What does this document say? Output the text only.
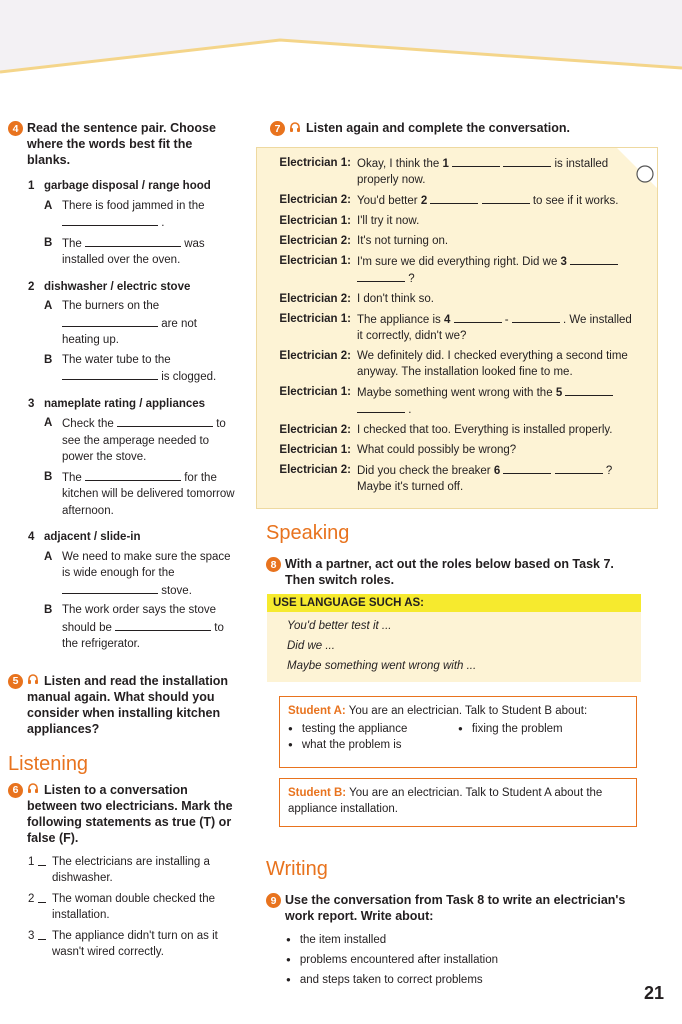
4 Read the sentence pair. Choose where the words best fit the blanks.
1 garbage disposal / range hood
A There is food jammed in the  .
B The	was installed over the oven.
2 dishwasher / electric stove
A The burners on the  are not heating up.
B The water tube to the  is clogged.
3 nameplate rating / appliances
A Check the	to see the amperage needed to power the stove.
B The	for the kitchen will be delivered tomorrow afternoon.
4 adjacent / slide-in
A We need to make sure the space is wide enough for the  stove.
B The work order says the stove should be	to the refrigerator.
5	Listen and read the installation manual again. What should you consider when installing kitchen appliances?
Listening
6	Listen to a conversation between two electricians. Mark the following statements as true (T) or false (F).
1	The electricians are installing a dishwasher.
2	The woman double checked the installation.
3	The appliance didn't turn on as it wasn't wired correctly.
7	Listen again and complete the conversation.
Electrician 1: Okay, I think the 1	is installed properly now.
Electrician 2: You'd better 2	to see if it works.
Electrician 1: I'll try it now.
Electrician 2: It's not turning on.
Electrician 1: I'm sure we did everything right. Did we 3   ?
Electrician 2: I don't think so.
Electrician 1: The appliance is 4	-	. We installed it correctly, didn't we?
Electrician 2: We definitely did. I checked everything a second time anyway. The installation looked fine to me.
Electrician 1: Maybe something went wrong with the 5   .
Electrician 2: I checked that too. Everything is installed properly.
Electrician 1: What could possibly be wrong?
Electrician 2: Did you check the breaker 6	? Maybe it's turned off.
Speaking
8 With a partner, act out the roles below based on Task 7. Then switch roles.
USE LANGUAGE SUCH AS:
You'd better test it ...
Did we ...
Maybe something went wrong with ...
Student A: You are an electrician. Talk to Student B about:
● testing the appliance	● fixing the problem
● what the problem is
Student B: You are an electrician. Talk to Student A about the appliance installation.
Writing
9 Use the conversation from Task 8 to write an electrician's work report. Write about:
● the item installed
● problems encountered after installation
● and steps taken to correct problems
21
